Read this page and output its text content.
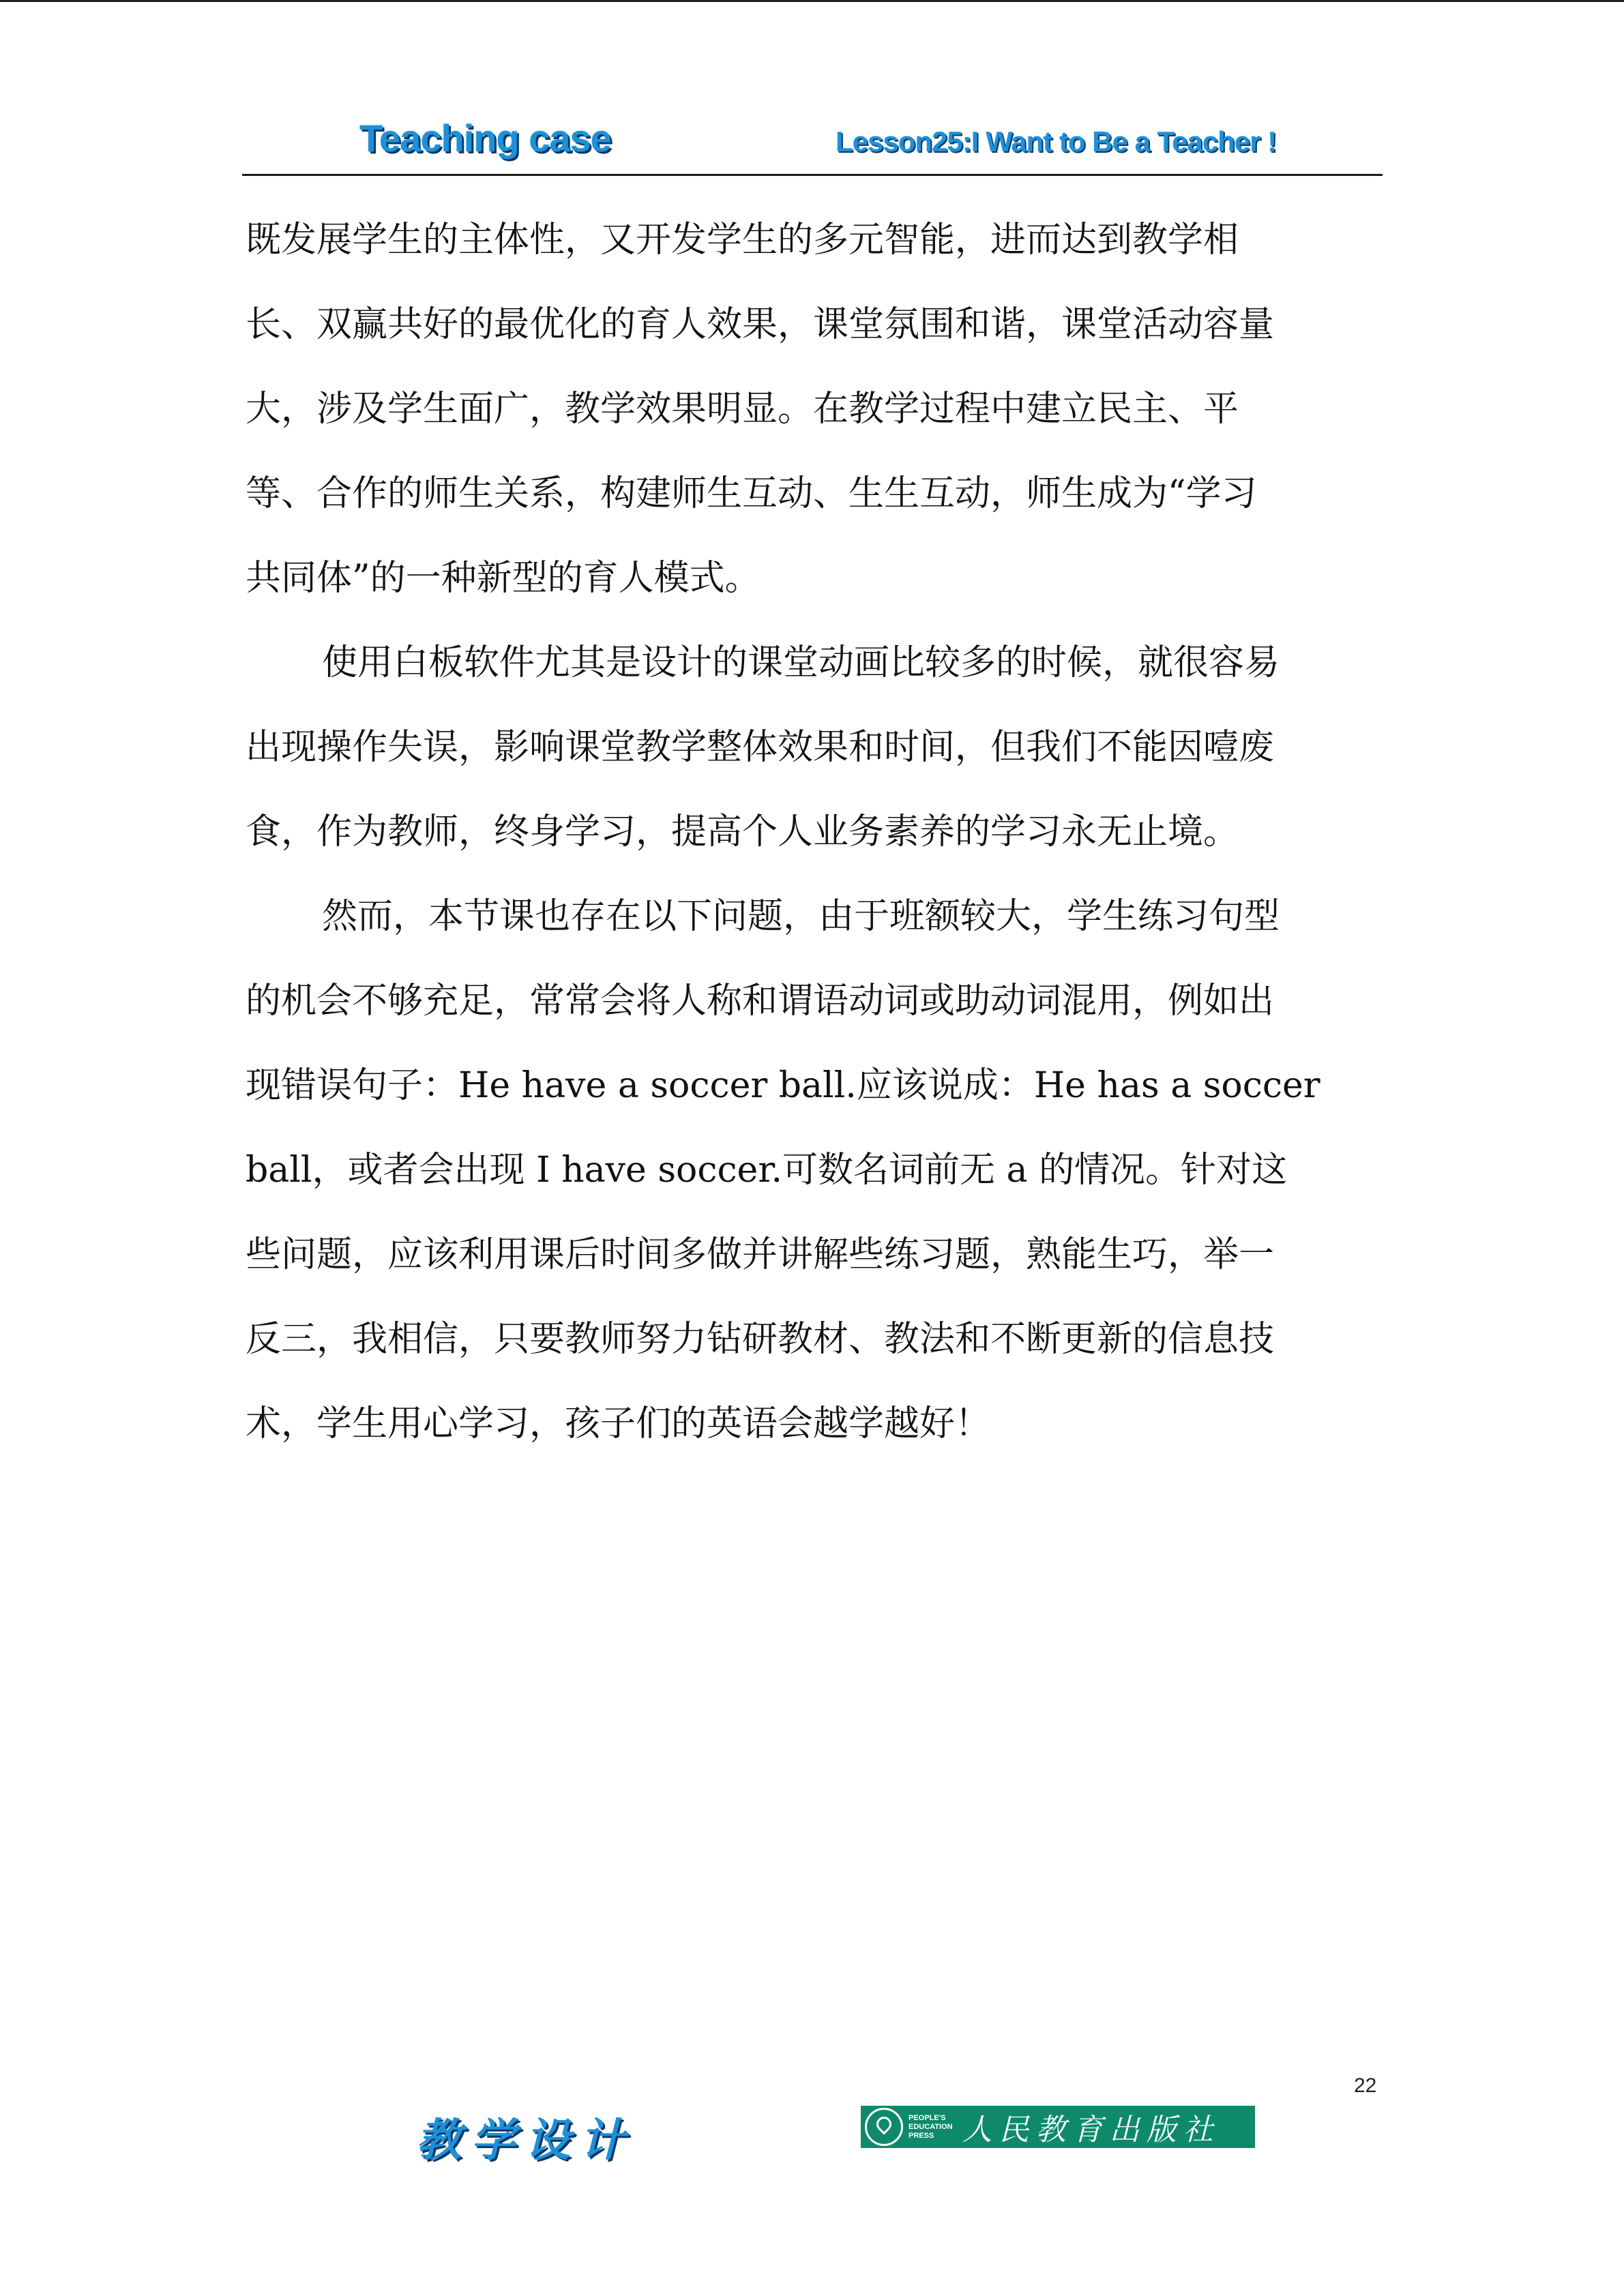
Teaching case	Lesson25:I Want to Be a Teacher !
既发展学生的主体性，又开发学生的多元智能，进而达到教学相
长、双赢共好的最优化的育人效果，课堂氛围和谐，课堂活动容量
大，涉及学生面广，教学效果明显。在教学过程中建立民主、平
等、合作的师生关系，构建师生互动、生生互动，师生成为“学习
共同体”的一种新型的育人模式。
使用白板软件尤其是设计的课堂动画比较多的时候，就很容易
出现操作失误，影响课堂教学整体效果和时间，但我们不能因噎废
食，作为教师，终身学习，提高个人业务素养的学习永无止境。
然而，本节课也存在以下问题，由于班额较大，学生练习句型
的机会不够充足，常常会将人称和谓语动词或助动词混用，例如出
现错误句子：He have a soccer ball.应该说成：He has a soccer
ball，或者会出现 I have soccer.可数名词前无 a 的情况。针对这
些问题，应该利用课后时间多做并讲解些练习题，熟能生巧，举一
反三，我相信，只要教师努力钻研教材、教法和不断更新的信息技
术，学生用心学习，孩子们的英语会越学越好！
22
教学设计	PEOPLE'S
EDUCATION
PRESS 人民教育出版社
